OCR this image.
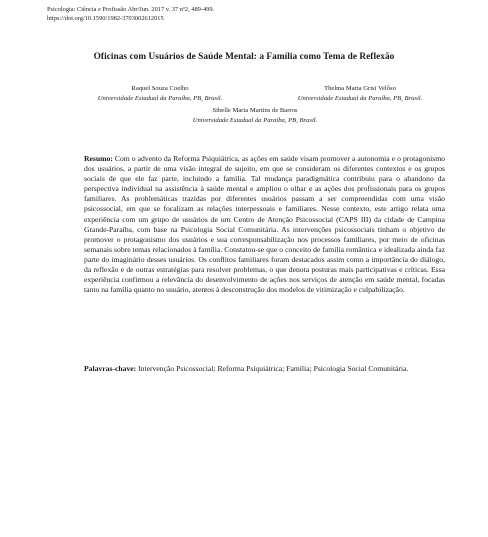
Psicologia: Ciência e Profissão Abr/Jun. 2017 v. 37 nº2, 489-499.
https://doi.org/10.1590/1982-3703002612015
Oficinas com Usuários de Saúde Mental: a Família como Tema de Reflexão
Raquel Souza Coelho
Universidade Estadual da Paraíba, PB, Brasil.
Thelma Maria Grisi Velôso
Universidade Estadual da Paraíba, PB, Brasil.
Sibelle Maria Martins de Barros
Universidade Estadual da Paraíba, PB, Brasil.
Resumo: Com o advento da Reforma Psiquiátrica, as ações em saúde visam promover a autonomia e o protagonismo dos usuários, a partir de uma visão integral de sujeito, em que se consideram os diferentes contextos e os grupos sociais de que ele faz parte, incluindo a família. Tal mudança paradigmática contribuiu para o abandono da perspectiva individual na assistência à saúde mental e ampliou o olhar e as ações dos profissionais para os grupos familiares. As problemáticas trazidas por diferentes usuários passam a ser compreendidas com uma visão psicossocial, em que se focalizam as relações interpessoais e familiares. Nesse contexto, este artigo relata uma experiência com um grupo de usuários de um Centro de Atenção Psicossocial (CAPS III) da cidade de Campina Grande-Paraíba, com base na Psicologia Social Comunitária. As intervenções psicossociais tinham o objetivo de promover o protagonismo dos usuários e sua corresponsabilização nos processos familiares, por meio de oficinas semanais sobre temas relacionados à família. Constatou-se que o conceito de família romântica e idealizada ainda faz parte do imaginário desses usuários. Os conflitos familiares foram destacados assim como a importância do diálogo, da reflexão e de outras estratégias para resolver problemas, o que denota posturas mais participativas e críticas. Essa experiência confirmou a relevância do desenvolvimento de ações nos serviços de atenção em saúde mental, focadas tanto na família quanto no usuário, atentos à desconstrução dos modelos de vitimização e culpabilização.
Palavras-chave: Intervenção Psicossocial; Reforma Psiquiátrica; Família; Psicologia Social Comunitária.
